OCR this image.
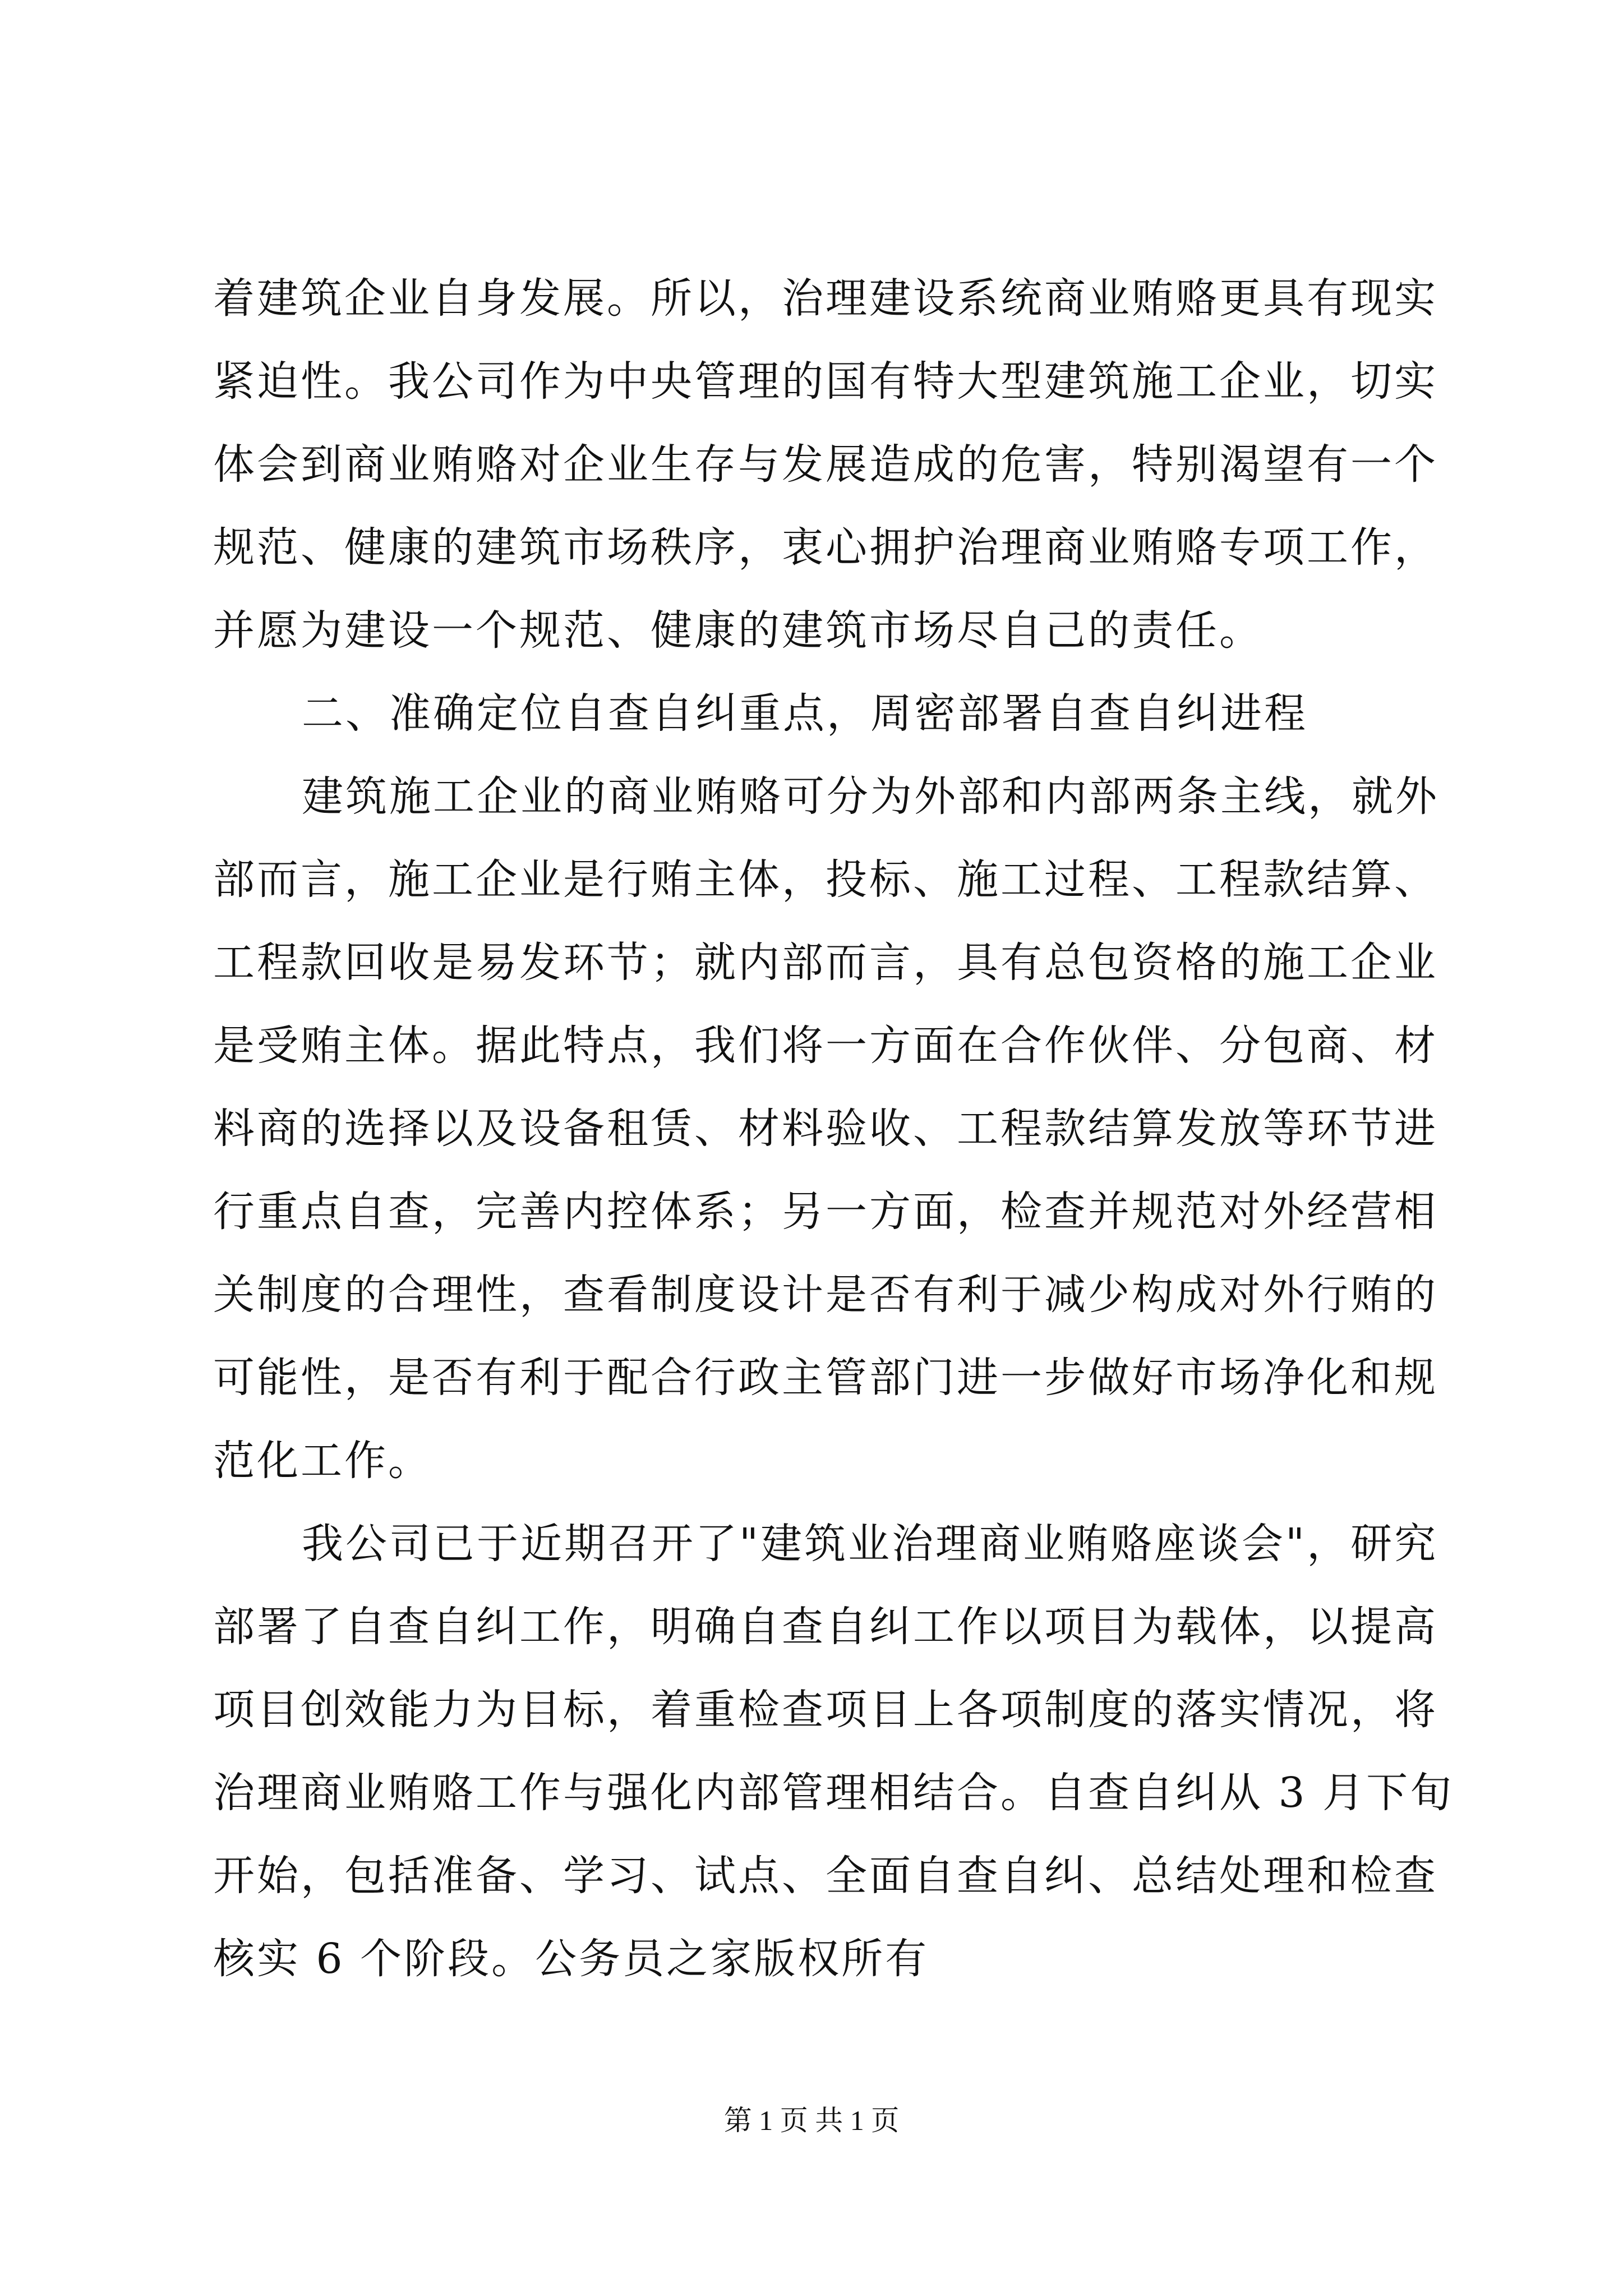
着建筑企业自身发展。所以，治理建设系统商业贿赂更具有现实
紧迫性。我公司作为中央管理的国有特大型建筑施工企业，切实
体会到商业贿赂对企业生存与发展造成的危害，特别渴望有一个
规范、健康的建筑市场秩序，衷心拥护治理商业贿赂专项工作，
并愿为建设一个规范、健康的建筑市场尽自己的责任。
二、准确定位自查自纠重点，周密部署自查自纠进程
建筑施工企业的商业贿赂可分为外部和内部两条主线，就外
部而言，施工企业是行贿主体，投标、施工过程、工程款结算、
工程款回收是易发环节；就内部而言，具有总包资格的施工企业
是受贿主体。据此特点，我们将一方面在合作伙伴、分包商、材
料商的选择以及设备租赁、材料验收、工程款结算发放等环节进
行重点自查，完善内控体系；另一方面，检查并规范对外经营相
关制度的合理性，查看制度设计是否有利于减少构成对外行贿的
可能性，是否有利于配合行政主管部门进一步做好市场净化和规
范化工作。
我公司已于近期召开了"建筑业治理商业贿赂座谈会"，研究
部署了自查自纠工作，明确自查自纠工作以项目为载体，以提高
项目创效能力为目标，着重检查项目上各项制度的落实情况，将
治理商业贿赂工作与强化内部管理相结合。自查自纠从 3 月下旬
开始，包括准备、学习、试点、全面自查自纠、总结处理和检查
核实 6 个阶段。公务员之家版权所有
第 1 页 共 1 页
